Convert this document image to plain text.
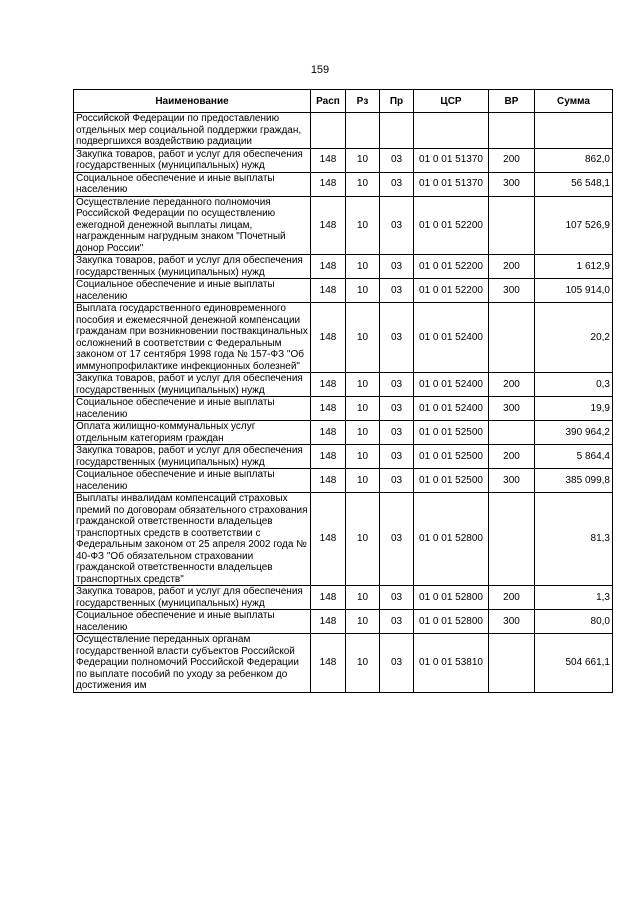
159
Наименование	Расп	Рз	Пр	ЦСР	ВР	Сумма
Российской Федерации по предоставлению отдельных мер социальной поддержки граждан, подвергшихся воздействию радиации						
Закупка товаров, работ и услуг для обеспечения государственных (муниципальных) нужд	148	10	03	01 0 01 51370	200	862,0
Социальное обеспечение и иные выплаты населению	148	10	03	01 0 01 51370	300	56 548,1
Осуществление переданного полномочия Российской Федерации по осуществлению ежегодной денежной выплаты лицам, награжденным нагрудным знаком "Почетный донор России"	148	10	03	01 0 01 52200		107 526,9
Закупка товаров, работ и услуг для обеспечения государственных (муниципальных) нужд	148	10	03	01 0 01 52200	200	1 612,9
Социальное обеспечение и иные выплаты населению	148	10	03	01 0 01 52200	300	105 914,0
Выплата государственного единовременного пособия и ежемесячной денежной компенсации гражданам при возникновении поствакцинальных осложнений в соответствии с Федеральным законом от 17 сентября 1998 года № 157-ФЗ "Об иммунопрофилактике инфекционных болезней"	148	10	03	01 0 01 52400		20,2
Закупка товаров, работ и услуг для обеспечения государственных (муниципальных) нужд	148	10	03	01 0 01 52400	200	0,3
Социальное обеспечение и иные выплаты населению	148	10	03	01 0 01 52400	300	19,9
Оплата жилищно-коммунальных услуг отдельным категориям граждан	148	10	03	01 0 01 52500		390 964,2
Закупка товаров, работ и услуг для обеспечения государственных (муниципальных) нужд	148	10	03	01 0 01 52500	200	5 864,4
Социальное обеспечение и иные выплаты населению	148	10	03	01 0 01 52500	300	385 099,8
Выплаты инвалидам компенсаций страховых премий по договорам обязательного страхования гражданской ответственности владельцев транспортных средств в соответствии с Федеральным законом от 25 апреля 2002 года № 40-ФЗ "Об обязательном страховании гражданской ответственности владельцев транспортных средств"	148	10	03	01 0 01 52800		81,3
Закупка товаров, работ и услуг для обеспечения государственных (муниципальных) нужд	148	10	03	01 0 01 52800	200	1,3
Социальное обеспечение и иные выплаты населению	148	10	03	01 0 01 52800	300	80,0
Осуществление переданных органам государственной власти субъектов Российской Федерации полномочий Российской Федерации по выплате пособий по уходу за ребенком до достижения им	148	10	03	01 0 01 53810		504 661,1
